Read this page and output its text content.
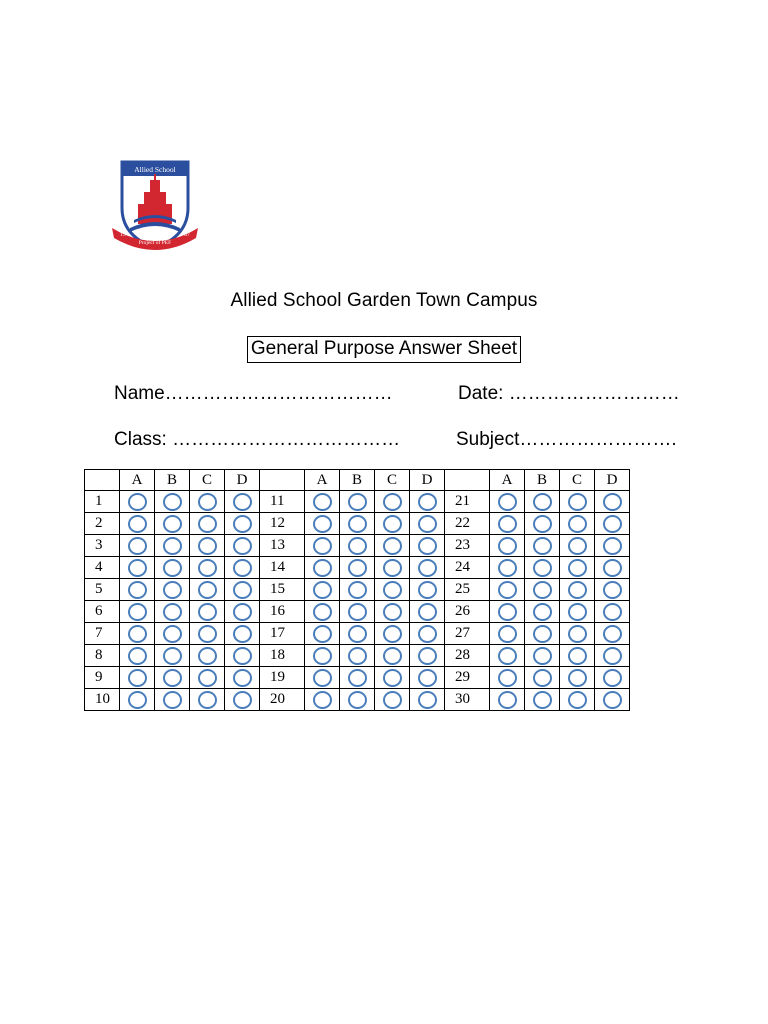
Allied School
19	87
Project of PEF
Allied School Garden Town Campus
General Purpose Answer Sheet
Name………………………………	Date: ………………………
Class: ………………………………	Subject…………………….
	A	B	C	D		A	B	C	D		A	B	C	D
1					11					21				
2					12					22				
3					13					23				
4					14					24				
5					15					25				
6					16					26				
7					17					27				
8					18					28				
9					19					29				
10					20					30				
